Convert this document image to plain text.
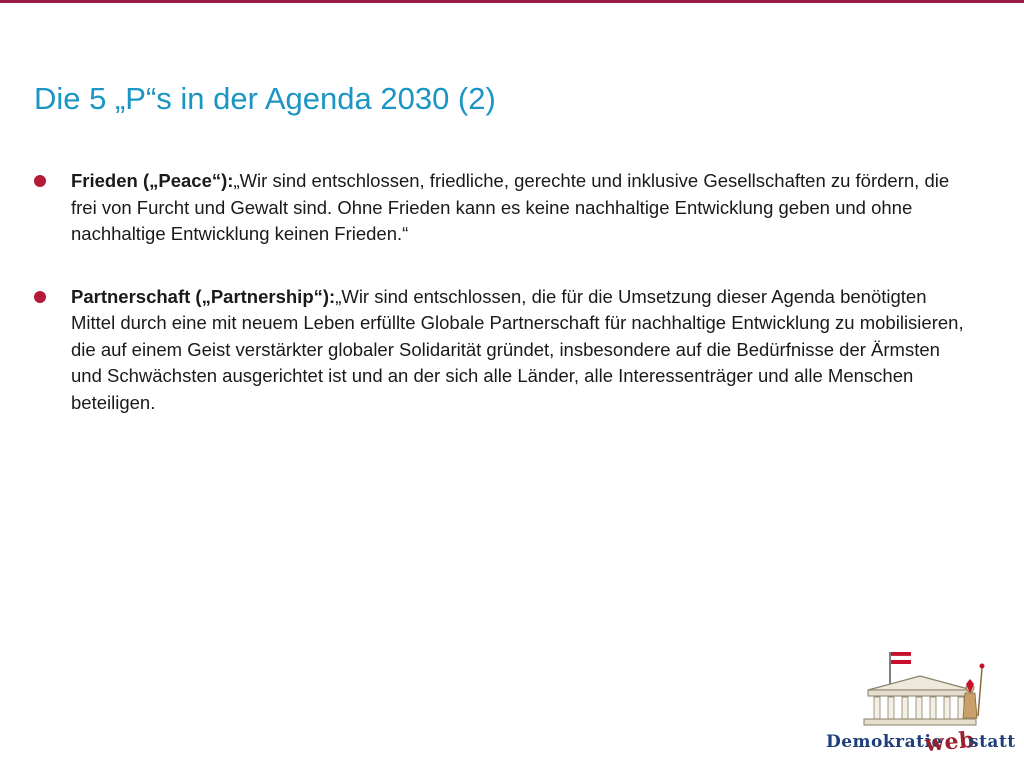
Die 5 „P“s in der Agenda 2030 (2)
Frieden („Peace“):„Wir sind entschlossen, friedliche, gerechte und inklusive Gesellschaften zu fördern, die frei von Furcht und Gewalt sind. Ohne Frieden kann es keine nachhaltige Entwicklung geben und ohne nachhaltige Entwicklung keinen Frieden.“
Partnerschaft („Partnership“):„Wir sind entschlossen, die für die Umsetzung dieser Agenda benötigten Mittel durch eine mit neuem Leben erfüllte Globale Partnerschaft für nachhaltige Entwicklung zu mobilisieren, die auf einem Geist verstärkter globaler Solidarität gründet, insbesondere auf die Bedürfnisse der Ärmsten und Schwächsten ausgerichtet ist und an der sich alle Länder, alle Interessenträger und alle Menschen beteiligen.
Demokratie
web
statt
